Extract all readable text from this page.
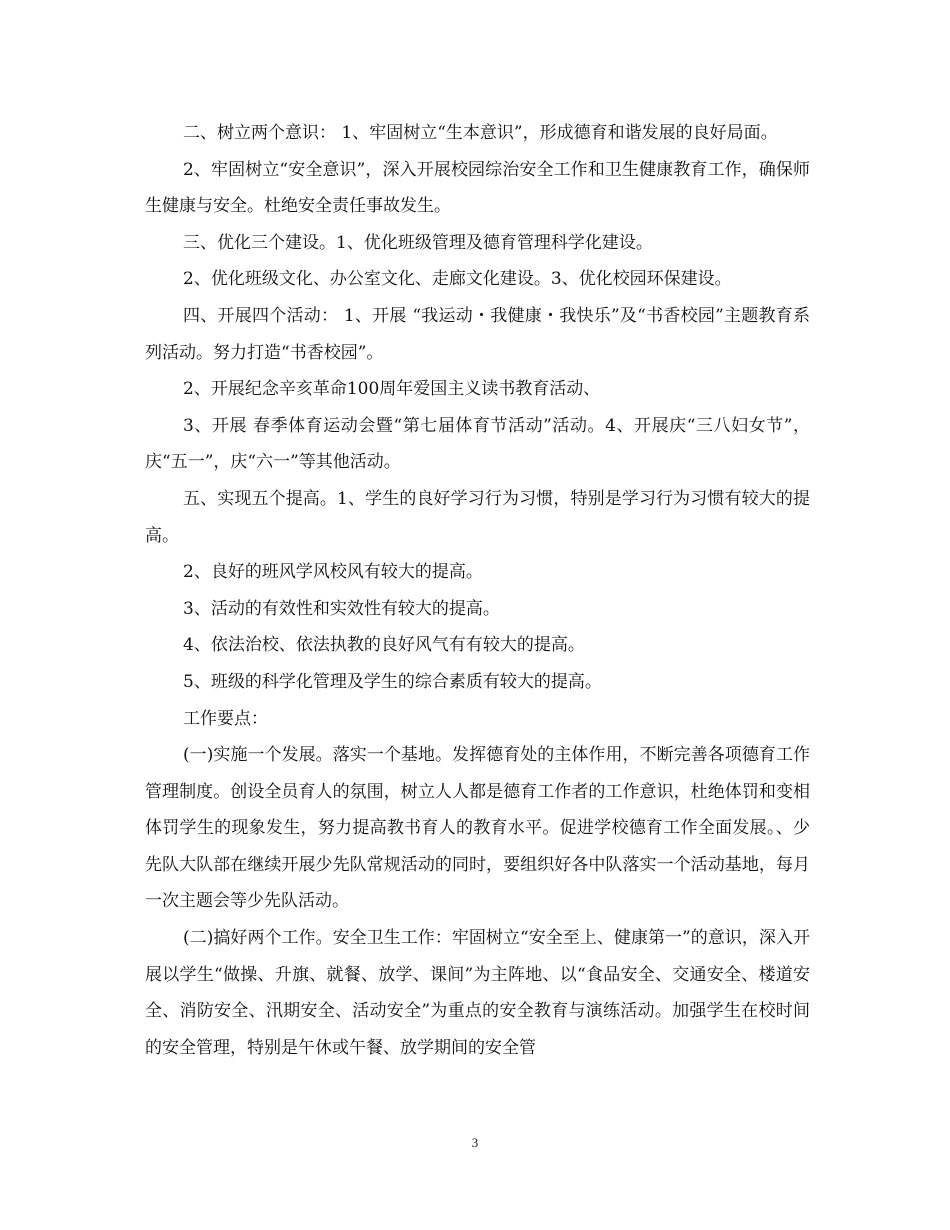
二、树立两个意识： 1、牢固树立“生本意识”，形成德育和谐发展的良好局面。

2、牢固树立“安全意识”，深入开展校园综治安全工作和卫生健康教育工作，确保师生健康与安全。杜绝安全责任事故发生。

三、优化三个建设。1、优化班级管理及德育管理科学化建设。

2、优化班级文化、办公室文化、走廊文化建设。3、优化校园环保建设。

四、开展四个活动： 1、开展 “我运动・我健康・我快乐”及“书香校园”主题教育系列活动。努力打造“书香校园”。

2、开展纪念辛亥革命100周年爱国主义读书教育活动、

3、开展 春季体育运动会暨“第七届体育节活动”活动。4、开展庆“三八妇女节”，庆“五一”，庆“六一”等其他活动。

五、实现五个提高。1、学生的良好学习行为习惯，特别是学习行为习惯有较大的提高。

2、良好的班风学风校风有较大的提高。

3、活动的有效性和实效性有较大的提高。

4、依法治校、依法执教的良好风气有有较大的提高。

5、班级的科学化管理及学生的综合素质有较大的提高。

工作要点：

(一)实施一个发展。落实一个基地。发挥德育处的主体作用，不断完善各项德育工作管理制度。创设全员育人的氛围，树立人人都是德育工作者的工作意识，杜绝体罚和变相体罚学生的现象发生，努力提高教书育人的教育水平。促进学校德育工作全面发展。、少先队大队部在继续开展少先队常规活动的同时，要组织好各中队落实一个活动基地，每月一次主题会等少先队活动。

(二)搞好两个工作。安全卫生工作：牢固树立“安全至上、健康第一”的意识，深入开展以学生“做操、升旗、就餐、放学、课间”为主阵地、以“食品安全、交通安全、楼道安全、消防安全、汛期安全、活动安全”为重点的安全教育与演练活动。加强学生在校时间的安全管理，特别是午休或午餐、放学期间的安全管

3
